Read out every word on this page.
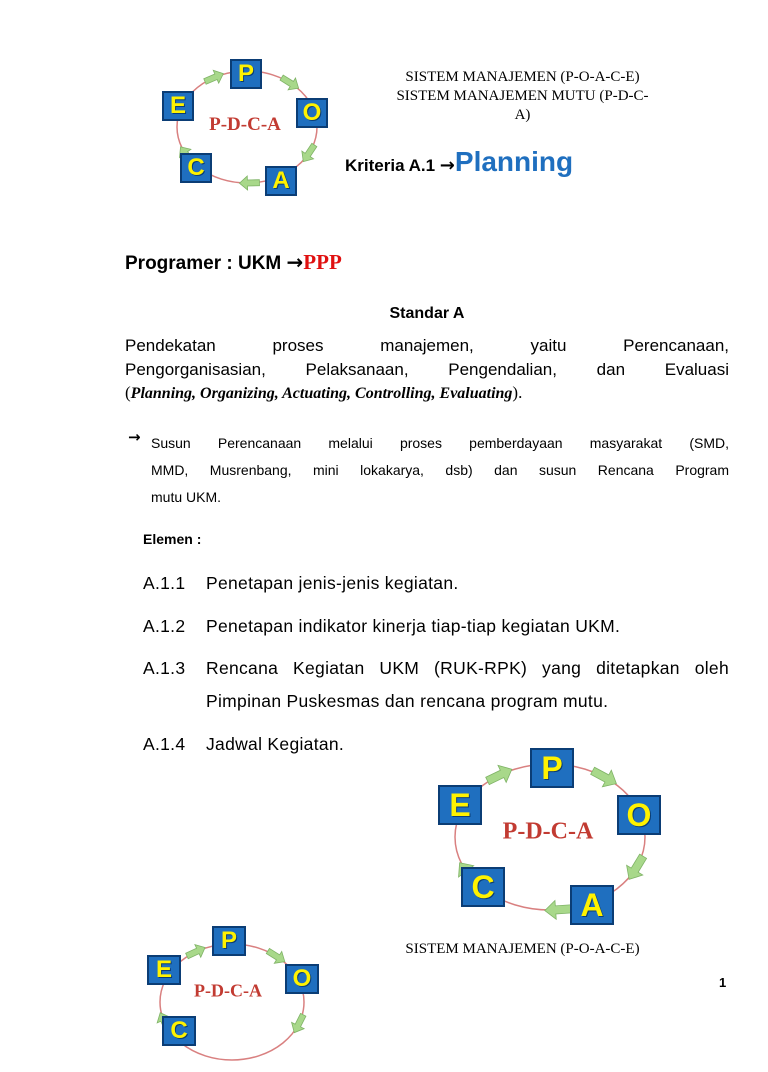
P
O
A
C
E
P-D-C-A
SISTEM MANAJEMEN (P-O-A-C-E)
SISTEM MANAJEMEN MUTU (P-D-C-
A)
Kriteria A.1 →Planning
Programer : UKM →PPP
Standar A
Pendekatan proses manajemen, yaitu Perencanaan,
Pengorganisasian, Pelaksanaan, Pengendalian, dan Evaluasi
(Planning, Organizing, Actuating, Controlling, Evaluating).
→ Susun Perencanaan melalui proses pemberdayaan masyarakat (SMD,
MMD, Musrenbang, mini lokakarya, dsb) dan susun Rencana Program
mutu UKM.
Elemen :
A.1.1 Penetapan jenis-jenis kegiatan.
A.1.2 Penetapan indikator kinerja tiap-tiap kegiatan UKM.
A.1.3 Rencana Kegiatan UKM (RUK-RPK) yang ditetapkan oleh Pimpinan Puskesmas dan rencana program mutu.
A.1.4 Jadwal Kegiatan.
P
O
A
C
E
P-D-C-A
P
O
E
C
P-D-C-A
SISTEM MANAJEMEN (P-O-A-C-E)
1
